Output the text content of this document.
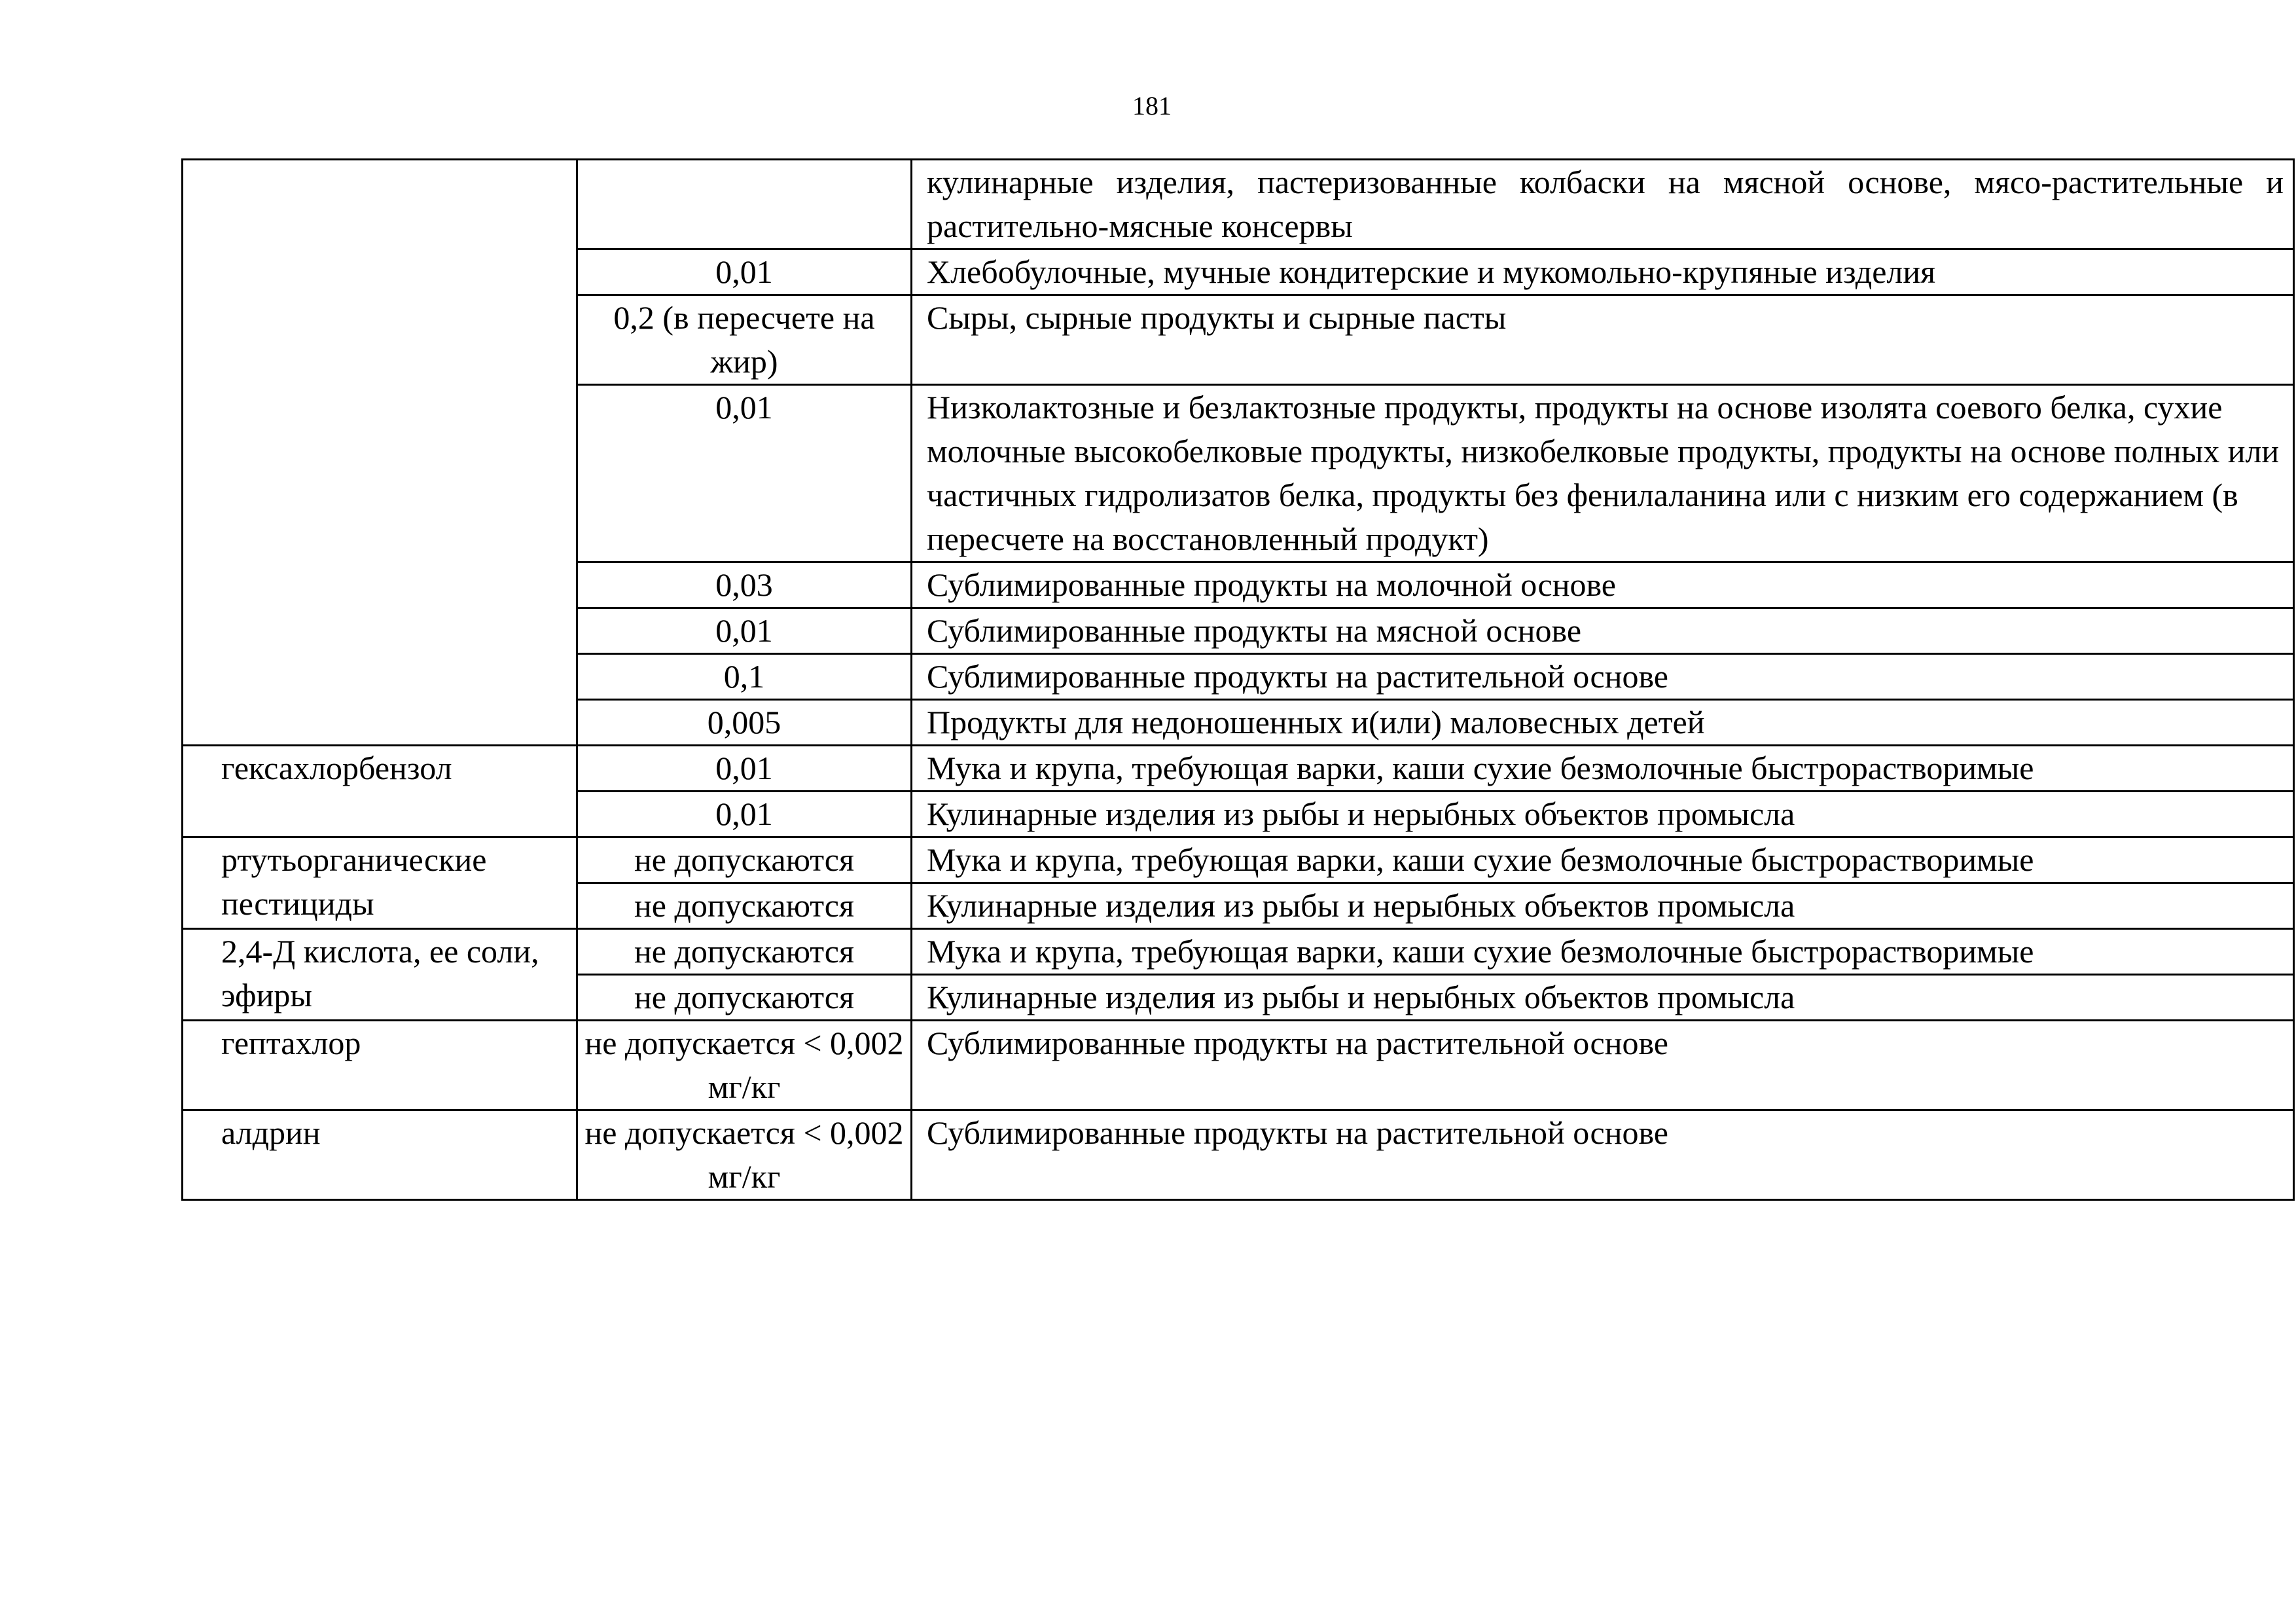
181
		кулинарные изделия, пастеризованные колбаски на мясной основе, мясо-растительные и растительно-мясные консервы
	0,01	Хлебобулочные, мучные кондитерские и мукомольно-крупяные изделия
	0,2 (в пересчете на жир)	Сыры, сырные продукты и сырные пасты
	0,01	Низколактозные и безлактозные продукты, продукты на основе изолята соевого белка, сухие молочные высокобелковые продукты, низкобелковые продукты, продукты на основе полных или частичных гидролизатов белка, продукты без фенилаланина или с низким его содержанием (в пересчете на восстановленный продукт)
	0,03	Сублимированные продукты на молочной основе
	0,01	Сублимированные продукты на мясной основе
	0,1	Сублимированные продукты на растительной основе
	0,005	Продукты для недоношенных и(или) маловесных детей
гексахлорбензол	0,01	Мука и крупа, требующая варки, каши сухие безмолочные быстрорастворимые
	0,01	Кулинарные изделия из рыбы и нерыбных объектов промысла
ртутьорганические пестициды	не допускаются	Мука и крупа, требующая варки, каши сухие безмолочные быстрорастворимые
	не допускаются	Кулинарные изделия из рыбы и нерыбных объектов промысла
2,4-Д кислота, ее соли, эфиры	не допускаются	Мука и крупа, требующая варки, каши сухие безмолочные быстрорастворимые
	не допускаются	Кулинарные изделия из рыбы и нерыбных объектов промысла
гептахлор	не допускается < 0,002 мг/кг	Сублимированные продукты на растительной основе
алдрин	не допускается < 0,002 мг/кг	Сублимированные продукты на растительной основе
